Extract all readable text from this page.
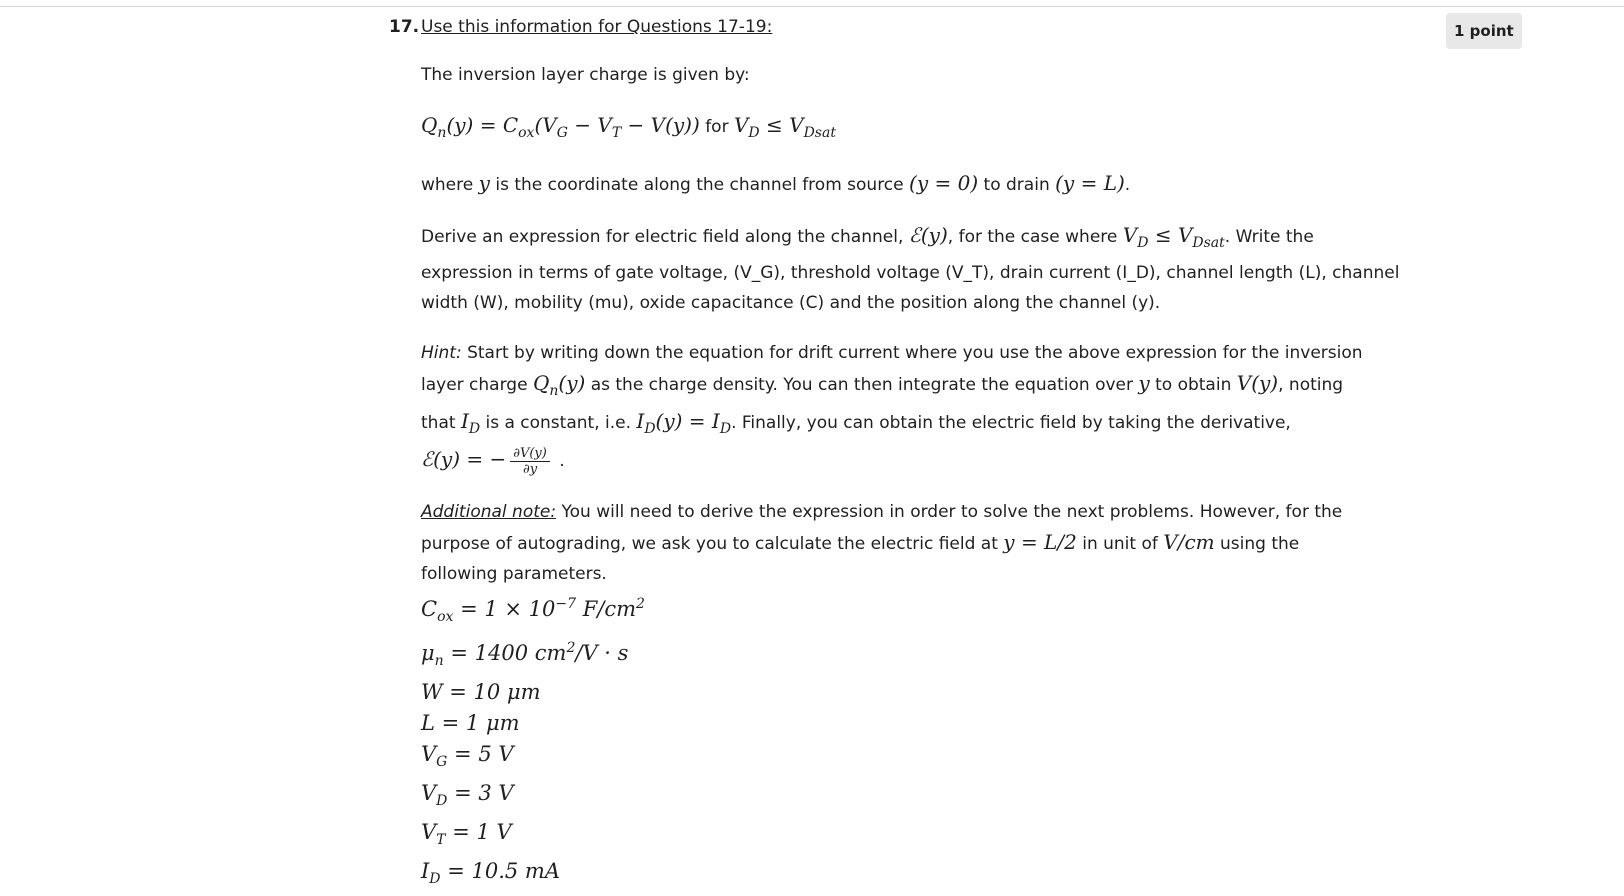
17. Use this information for Questions 17-19:	1 point
The inversion layer charge is given by:
$Q_n(y) = C_{ox}(V_G - V_T - V(y))$ for $V_D \le V_{Dsat}$
where y is the coordinate along the channel from source (y = 0) to drain (y = L).
Derive an expression for electric field along the channel, ℰ(y), for the case where $V_D \le V_{Dsat}$. Write the
expression in terms of gate voltage, (V_G), threshold voltage (V_T), drain current (I_D), channel length (L), channel
width (W), mobility (mu), oxide capacitance (C) and the position along the channel (y).
Hint: Start by writing down the equation for drift current where you use the above expression for the inversion
layer charge $Q_n(y)$ as the charge density. You can then integrate the equation over y to obtain V(y), noting
that $I_D$ is a constant, i.e. $I_D(y) = I_D$. Finally, you can obtain the electric field by taking the derivative,
ℰ(y) = − $\frac{\partial V(y)}{\partial y}$ .
Additional note: You will need to derive the expression in order to solve the next problems. However, for the
purpose of autograding, we ask you to calculate the electric field at y = L/2 in unit of V/cm using the
following parameters.
$C_{ox} = 1 \times 10^{-7}$ $F/cm^2$
$\mu_n = 1400$ $cm^2/V \cdot s$
W = 10 μm
L = 1 μm
$V_G = 5$ V
$V_D = 3$ V
$V_T = 1$ V
$I_D = 10.5$ mA
